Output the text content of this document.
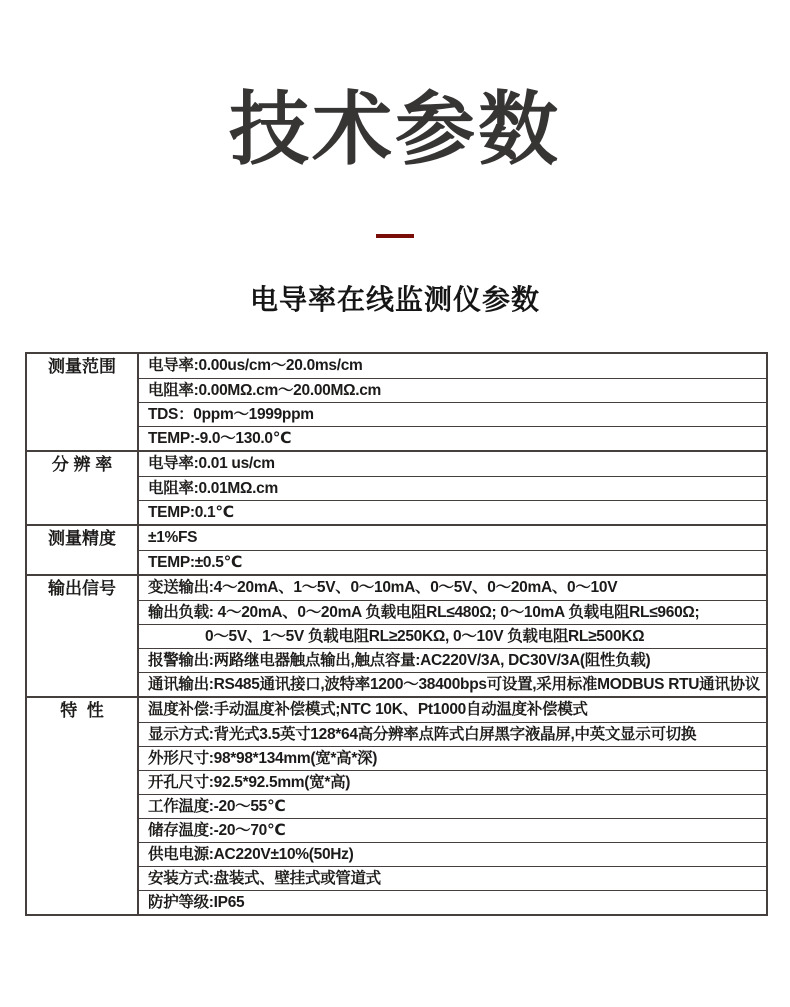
技术参数
电导率在线监测仪参数
测量范围	电导率:0.00us/cm～20.0ms/cm
电阻率:0.00MΩ.cm～20.00MΩ.cm
TDS：0ppm～1999ppm
TEMP:-9.0～130.0℃
分 辨 率	电导率:0.01 us/cm
电阻率:0.01MΩ.cm
TEMP:0.1℃
测量精度	±1%FS
TEMP:±0.5℃
输出信号	变送输出:4～20mA、1～5V、0～10mA、0～5V、0～20mA、0～10V
输出负载: 4～20mA、0～20mA 负载电阻RL≤480Ω; 0～10mA 负载电阻RL≤960Ω;
0～5V、1～5V 负载电阻RL≥250KΩ, 0～10V 负载电阻RL≥500KΩ
报警输出:两路继电器触点输出,触点容量:AC220V/3A, DC30V/3A(阻性负载)
通讯输出:RS485通讯接口,波特率1200～38400bps可设置,采用标准MODBUS RTU通讯协议
特  性	温度补偿:手动温度补偿模式;NTC 10K、Pt1000自动温度补偿模式
显示方式:背光式3.5英寸128*64高分辨率点阵式白屏黑字液晶屏,中英文显示可切换
外形尺寸:98*98*134mm(宽*高*深)
开孔尺寸:92.5*92.5mm(宽*高)
工作温度:-20～55℃
储存温度:-20～70℃
供电电源:AC220V±10%(50Hz)
安装方式:盘装式、壁挂式或管道式
防护等级:IP65
